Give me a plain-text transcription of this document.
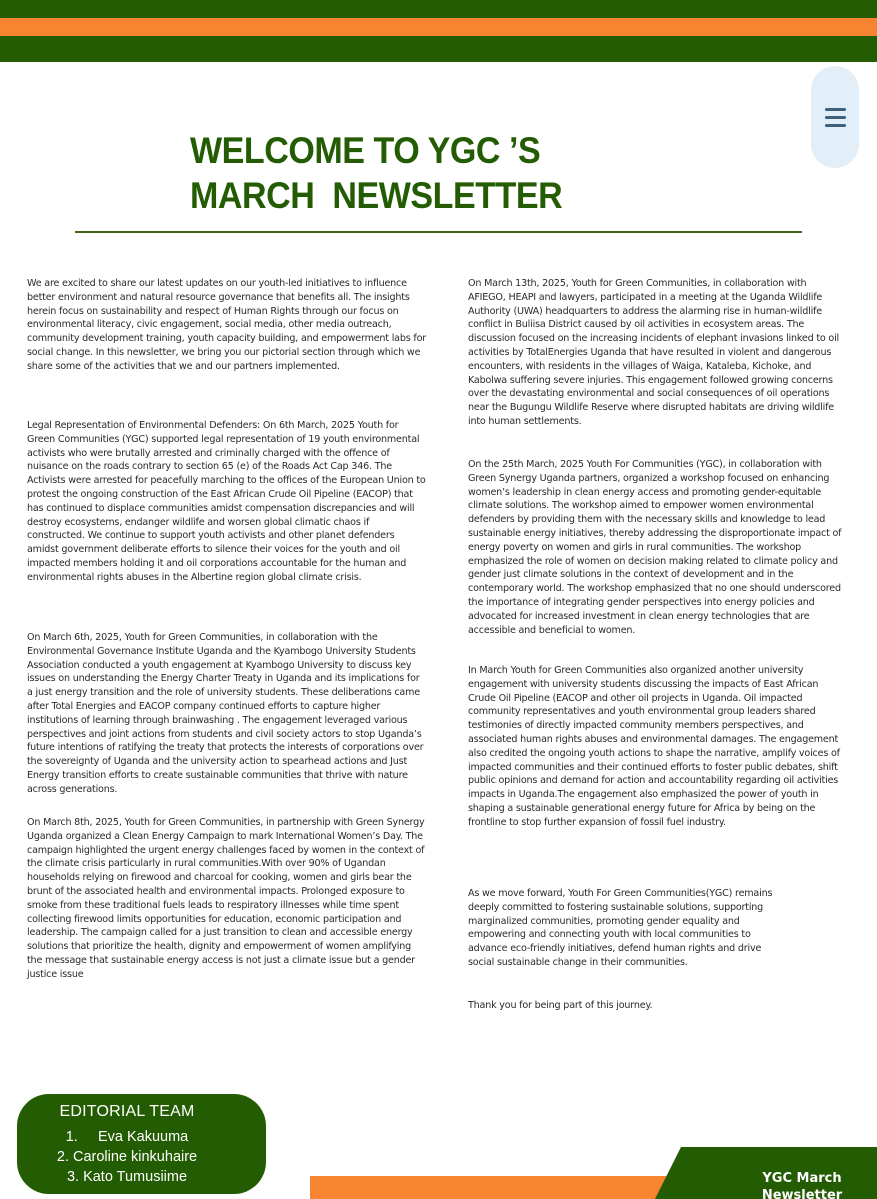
WELCOME TO YGC ’S
MARCH  NEWSLETTER
We are excited to share our latest updates on our youth-led initiatives to influence better environment and natural resource governance that benefits all. The insights herein focus on sustainability and respect of Human Rights through our focus on environmental literacy, civic engagement, social media, other media outreach, community development training, youth capacity building, and empowerment labs for social change. In this newsletter, we bring you our pictorial section through which we share some of the activities that we and our partners implemented.
Legal Representation of Environmental Defenders: On 6th March, 2025 Youth for Green Communities (YGC) supported legal representation of 19 youth environmental activists who were brutally arrested and criminally charged with the offence of nuisance on the roads contrary to section 65 (e) of the Roads Act Cap 346. The Activists were arrested for peacefully marching to the offices of the European Union to protest the ongoing construction of the East African Crude Oil Pipeline (EACOP) that has continued to displace communities amidst compensation discrepancies and will destroy ecosystems, endanger wildlife and worsen global climatic chaos if constructed. We continue to support youth activists and other planet defenders amidst government deliberate efforts to silence their voices for the youth and oil impacted members holding it and oil corporations accountable for the human and environmental rights abuses in the Albertine region global climate crisis.
On March 6th, 2025, Youth for Green Communities, in collaboration with the Environmental Governance Institute Uganda and the Kyambogo University Students Association conducted a youth engagement at Kyambogo University to discuss key issues on understanding the Energy Charter Treaty in Uganda and its implications for a just energy transition and the role of university students. These deliberations came after Total Energies and EACOP company continued efforts to capture higher institutions of learning through brainwashing . The engagement leveraged various perspectives and joint actions from students and civil society actors to stop Uganda’s future intentions of ratifying the treaty that protects the interests of corporations over the sovereignty of Uganda and the university action to spearhead actions and Just Energy transition efforts to create sustainable communities that thrive with nature across generations.
On March 8th, 2025, Youth for Green Communities, in partnership with Green Synergy Uganda organized a Clean Energy Campaign to mark International Women’s Day. The campaign highlighted the urgent energy challenges faced by women in the context of the climate crisis particularly in rural communities.With over 90% of Ugandan households relying on firewood and charcoal for cooking, women and girls bear the brunt of the associated health and environmental impacts. Prolonged exposure to smoke from these traditional fuels leads to respiratory illnesses while time spent collecting firewood limits opportunities for education, economic participation and leadership. The campaign called for a just transition to clean and accessible energy solutions that prioritize the health, dignity and empowerment of women amplifying the message that sustainable energy access is not just a climate issue but a gender justice issue
On March 13th, 2025, Youth for Green Communities, in collaboration with AFIEGO, HEAPI and lawyers, participated in a meeting at the Uganda Wildlife Authority (UWA) headquarters to address the alarming rise in human-wildlife conflict in Buliisa District caused by oil activities in ecosystem areas. The discussion focused on the increasing incidents of elephant invasions linked to oil activities by TotalEnergies Uganda that have resulted in violent and dangerous encounters, with residents in the villages of Waiga, Kataleba, Kichoke, and Kabolwa suffering severe injuries. This engagement followed growing concerns over the devastating environmental and social consequences of oil operations near the Bugungu Wildlife Reserve where disrupted habitats are driving wildlife into human settlements.
On the 25th March, 2025 Youth For Communities (YGC), in collaboration with Green Synergy Uganda partners, organized a workshop focused on enhancing women’s leadership in clean energy access and promoting gender-equitable climate solutions. The workshop aimed to empower women environmental defenders by providing them with the necessary skills and knowledge to lead sustainable energy initiatives, thereby addressing the disproportionate impact of energy poverty on women and girls in rural communities. The workshop emphasized the role of women on decision making related to climate policy and gender just climate solutions in the context of development and in the contemporary world. The workshop emphasized that no one should underscored the importance of integrating gender perspectives into energy policies and advocated for increased investment in clean energy technologies that are accessible and beneficial to women.
In March Youth for Green Communities also organized another university engagement with university students discussing the impacts of East African Crude Oil Pipeline (EACOP and other oil projects in Uganda. Oil impacted community representatives and youth environmental group leaders shared testimonies of directly impacted community members perspectives, and associated human rights abuses and environmental damages. The engagement also credited the ongoing youth actions to shape the narrative, amplify voices of impacted communities and their continued efforts to foster public debates, shift public opinions and demand for action and accountability regarding oil activities impacts in Uganda.The engagement also emphasized the power of youth in shaping a sustainable generational energy future for Africa by being on the frontline to stop further expansion of fossil fuel industry.
As we move forward, Youth For Green Communities(YGC) remains deeply committed to fostering sustainable solutions, supporting marginalized communities, promoting gender equality and empowering and connecting youth with local communities to advance eco-friendly initiatives, defend human rights and drive social sustainable change in their communities.
Thank you for being part of this journey.
EDITORIAL TEAM
1.     Eva Kakuuma
2. Caroline kinkuhaire
3. Kato Tumusiime	YGC March Newsletter
